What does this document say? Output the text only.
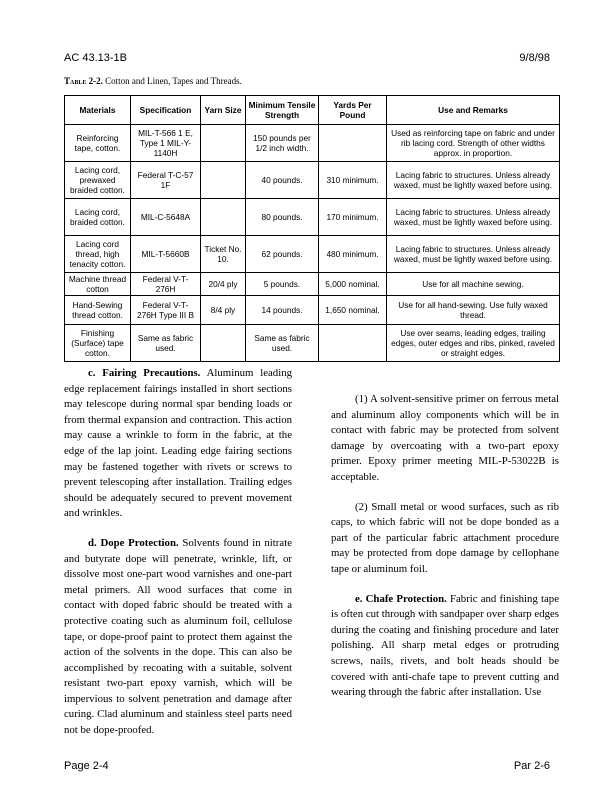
AC 43.13-1B	9/8/98
Table 2-2. Cotton and Linen, Tapes and Threads.
Materials	Specification	Yarn Size	Minimum Tensile Strength	Yards Per Pound	Use and Remarks
Reinforcing tape, cotton.	MIL-T-566 1 E, Type 1 MIL-Y-1140H		150 pounds per 1/2 inch width.		Used as reinforcing tape on fabric and under rib lacing cord. Strength of other widths approx. in proportion.
Lacing cord, prewaxed braided cotton.	Federal T-C-57 1F		40 pounds.	310 minimum.	Lacing fabric to structures. Unless already waxed, must be lightly waxed before using.
Lacing cord, braided cotton.	MIL-C-5648A		80 pounds.	170 minimum.	Lacing fabric to structures. Unless already waxed, must be lightly waxed before using.
Lacing cord thread, high tenacity cotton.	MIL-T-5660B	Ticket No. 10.	62 pounds.	480 minimum.	Lacing fabric to structures. Unless already waxed, must be lightly waxed before using.
Machine thread cotton	Federal V-T-276H	20/4 ply	5 pounds.	5,000 nominal.	Use for all machine sewing.
Hand-Sewing thread cotton.	Federal V-T-276H Type III B	8/4 ply	14 pounds.	1,650 nominal.	Use for all hand-sewing. Use fully waxed thread.
Finishing (Surface) tape cotton.	Same as fabric used.		Same as fabric used.		Use over seams, leading edges, trailing edges, outer edges and ribs, pinked, raveled or straight edges.

c. Fairing Precautions. Aluminum leading edge replacement fairings installed in short sections may telescope during normal spar bending loads or from thermal expansion and contraction. This action may cause a wrinkle to form in the fabric, at the edge of the lap joint. Leading edge fairing sections may be fastened together with rivets or screws to prevent telescoping after installation. Trailing edges should be adequately secured to prevent movement and wrinkles.

d. Dope Protection. Solvents found in nitrate and butyrate dope will penetrate, wrinkle, lift, or dissolve most one-part wood varnishes and one-part metal primers. All wood surfaces that come in contact with doped fabric should be treated with a protective coating such as aluminum foil, cellulose tape, or dope-proof paint to protect them against the action of the solvents in the dope. This can also be accomplished by recoating with a suitable, solvent resistant two-part epoxy varnish, which will be impervious to solvent penetration and damage after curing. Clad aluminum and stainless steel parts need not be dope-proofed.

(1) A solvent-sensitive primer on ferrous metal and aluminum alloy components which will be in contact with fabric may be protected from solvent damage by overcoating with a two-part epoxy primer. Epoxy primer meeting MIL-P-53022B is acceptable.

(2) Small metal or wood surfaces, such as rib caps, to which fabric will not be dope bonded as a part of the particular fabric attachment procedure may be protected from dope damage by cellophane tape or aluminum foil.

e. Chafe Protection. Fabric and finishing tape is often cut through with sandpaper over sharp edges during the coating and finishing procedure and later polishing. All sharp metal edges or protruding screws, nails, rivets, and bolt heads should be covered with anti-chafe tape to prevent cutting and wearing through the fabric after installation. Use

Page 2-4	Par 2-6
